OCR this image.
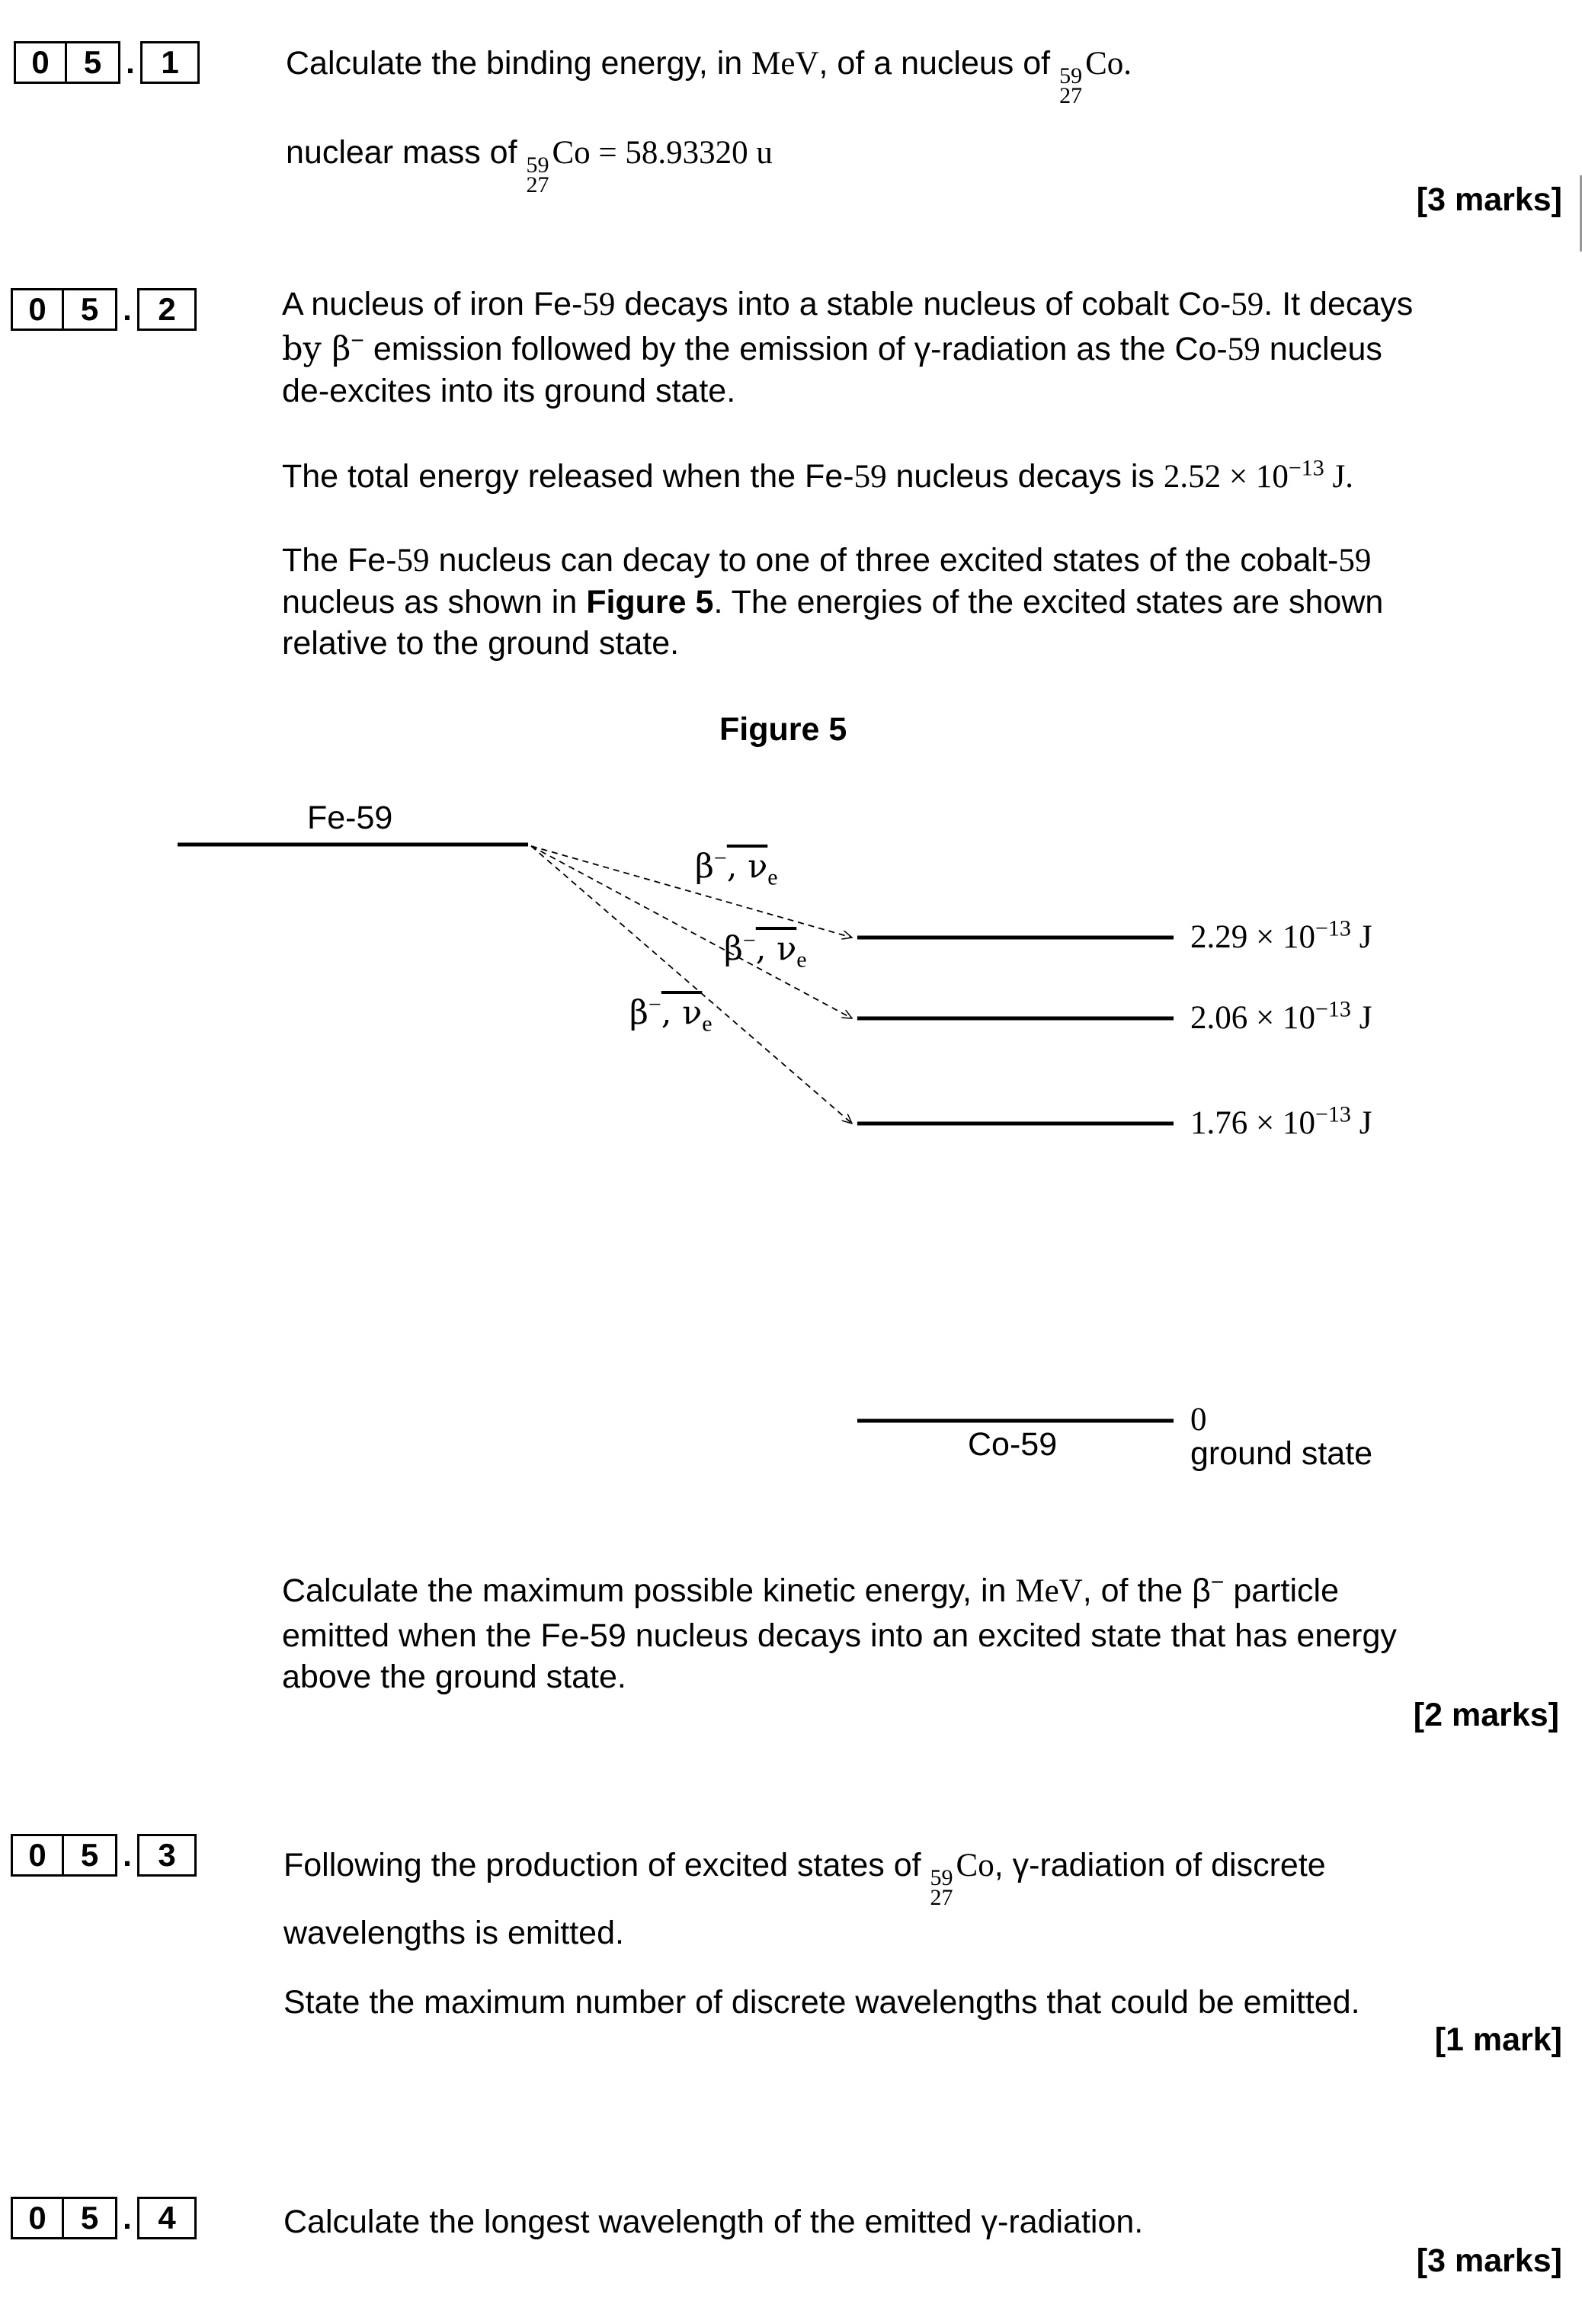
0	5 . 1	Calculate the binding energy, in MeV, of a nucleus of 59
27
Co.
nuclear mass of 59
27
Co = 58.93320 u
[3 marks]
0	5 . 2	A nucleus of iron Fe-59 decays into a stable nucleus of cobalt Co-59. It decays
by β− emission followed by the emission of γ-radiation as the Co-59 nucleus
de-excites into its ground state.
The total energy released when the Fe-59 nucleus decays is $2.52 \times 10^{-13}$ J.
The Fe-59 nucleus can decay to one of three excited states of the cobalt-59
nucleus as shown in Figure 5. The energies of the excited states are shown
relative to the ground state.
Figure 5
Fe-59
β−, $\nu_e$
β−, $\nu_e$
β−, $\nu_e$
$2.29 \times 10^{-13}$ J
$2.06 \times 10^{-13}$ J
$1.76 \times 10^{-13}$ J
0
ground state
Co-59
Calculate the maximum possible kinetic energy, in MeV, of the β− particle
emitted when the Fe-59 nucleus decays into an excited state that has energy
above the ground state.
[2 marks]
0	5 . 3	Following the production of excited states of 59
27
Co, γ-radiation of discrete
wavelengths is emitted.
State the maximum number of discrete wavelengths that could be emitted.
[1 mark]
0	5 . 4	Calculate the longest wavelength of the emitted γ-radiation.
[3 marks]
